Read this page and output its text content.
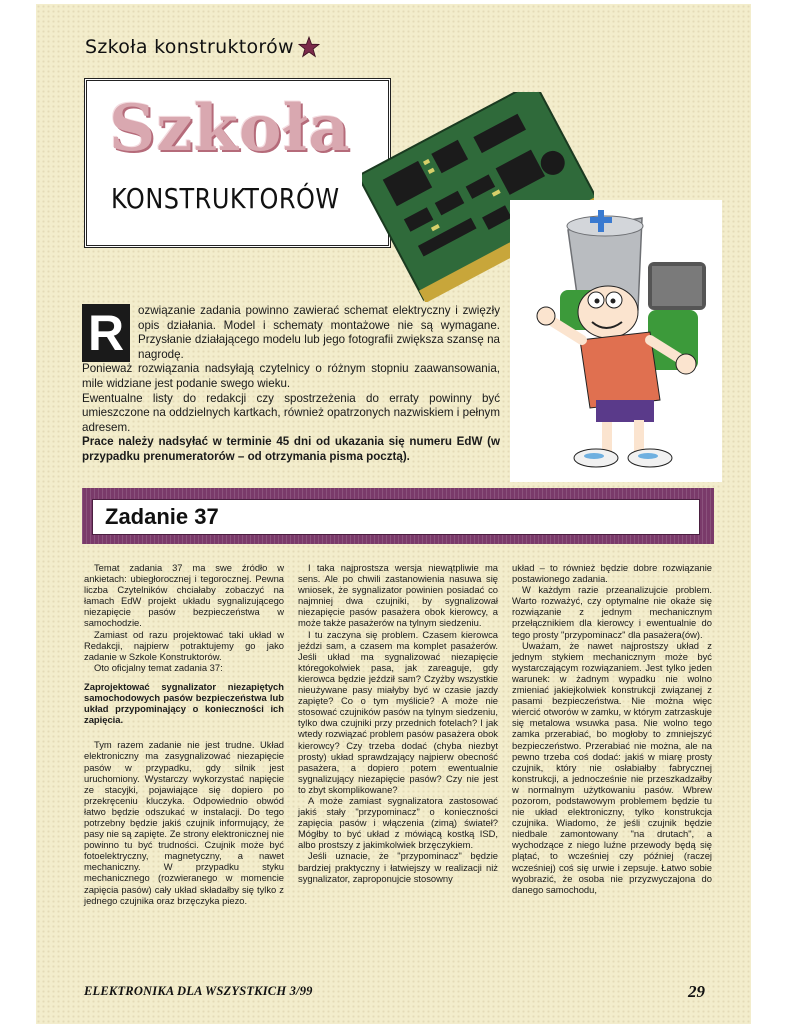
Szkoła konstruktorów
Szkoła
KONSTRUKTORÓW
R	ozwiązanie zadania powinno zawierać schemat elektryczny i zwięzły opis działania. Model i schematy montażowe nie są wymagane. Przysłanie działającego modelu lub jego fotografii zwiększa szansę na nagrodę.

Ponieważ rozwiązania nadsyłają czytelnicy o różnym stopniu zaawansowania, mile widziane jest podanie swego wieku.

Ewentualne listy do redakcji czy spostrzeżenia do erraty powinny być umieszczone na oddzielnych kartkach, również opatrzonych nazwiskiem i pełnym adresem.

Prace należy nadsyłać w terminie 45 dni od ukazania się numeru EdW (w przypadku prenumeratorów – od otrzymania pisma pocztą).

Zadanie 37

Temat zadania 37 ma swe źródło w ankietach: ubiegłorocznej i tegorocznej. Pewna liczba Czytelników chciałaby zobaczyć na łamach EdW projekt układu sygnalizującego niezapięcie pasów bezpieczeństwa w samochodzie.

Zamiast od razu projektować taki układ w Redakcji, najpierw potraktujemy go jako zadanie w Szkole Konstruktorów.

Oto oficjalny temat zadania 37:

Zaprojektować sygnalizator niezapiętych samochodowych pasów bezpieczeństwa lub układ przypominający o konieczności ich zapięcia.

Tym razem zadanie nie jest trudne. Układ elektroniczny ma zasygnalizować niezapięcie pasów w przypadku, gdy silnik jest uruchomiony. Wystarczy wykorzystać napięcie ze stacyjki, pojawiające się dopiero po przekręceniu kluczyka. Odpowiednio obwód łatwo będzie odszukać w instalacji. Do tego potrzebny będzie jakiś czujnik informujący, że pasy nie są zapięte. Ze strony elektronicznej nie powinno tu być trudności. Czujnik może być fotoelektryczny, magnetyczny, a nawet mechaniczny. W przypadku styku mechanicznego (rozwieranego w momencie zapięcia pasów) cały układ składałby się tylko z jednego czujnika oraz brzęczyka piezo.

I taka najprostsza wersja niewątpliwie ma sens. Ale po chwili zastanowienia nasuwa się wniosek, że sygnalizator powinien posiadać co najmniej dwa czujniki, by sygnalizował niezapięcie pasów pasażera obok kierowcy, a może także pasażerów na tylnym siedzeniu.

I tu zaczyna się problem. Czasem kierowca jeździ sam, a czasem ma komplet pasażerów. Jeśli układ ma sygnalizować niezapięcie któregokolwiek pasa, jak zareaguje, gdy kierowca będzie jeździł sam? Czyżby wszystkie nieużywane pasy miałyby być w czasie jazdy zapięte? Co o tym myślicie? A może nie stosować czujników pasów na tylnym siedzeniu, tylko dwa czujniki przy przednich fotelach? I jak wtedy rozwiązać problem pasów pasażera obok kierowcy? Czy trzeba dodać (chyba niezbyt prosty) układ sprawdzający najpierw obecność pasażera, a dopiero potem ewentualnie sygnalizujący niezapięcie pasów? Czy nie jest to zbyt skomplikowane?

A może zamiast sygnalizatora zastosować jakiś stały "przypominacz" o konieczności zapięcia pasów i włączenia (zimą) świateł? Mógłby to być układ z mówiącą kostką ISD, albo prostszy z jakimkolwiek brzęczykiem.

Jeśli uznacie, że "przypominacz" będzie bardziej praktyczny i łatwiejszy w realizacji niż sygnalizator, zaproponujcie stosowny

układ – to również będzie dobre rozwiązanie postawionego zadania.

W każdym razie przeanalizujcie problem. Warto rozważyć, czy optymalne nie okaże się rozwiązanie z jednym mechanicznym przełącznikiem dla kierowcy i ewentualnie do tego prosty "przypominacz" dla pasażera(ów).

Uważam, że nawet najprostszy układ z jednym stykiem mechanicznym może być wystarczającym rozwiązaniem. Jest tylko jeden warunek: w żadnym wypadku nie wolno zmieniać jakiejkolwiek konstrukcji związanej z pasami bezpieczeństwa. Nie można więc wiercić otworów w zamku, w którym zatrzaskuje się metalowa wsuwka pasa. Nie wolno tego zamka przerabiać, bo mogłoby to zmniejszyć bezpieczeństwo. Przerabiać nie można, ale na pewno trzeba coś dodać: jakiś w miarę prosty czujnik, który nie osłabiałby fabrycznej konstrukcji, a jednocześnie nie przeszkadzałby w normalnym użytkowaniu pasów. Wbrew pozorom, podstawowym problemem będzie tu nie układ elektroniczny, tylko konstrukcja czujnika. Wiadomo, że jeśli czujnik będzie niedbale zamontowany "na drutach", a wychodzące z niego luźne przewody będą się plątać, to wcześniej czy później (raczej wcześniej) coś się urwie i zepsuje. Łatwo sobie wyobrazić, że osoba nie przyzwyczajona do danego samochodu,

ELEKTRONIKA DLA WSZYSTKICH 3/99	29
